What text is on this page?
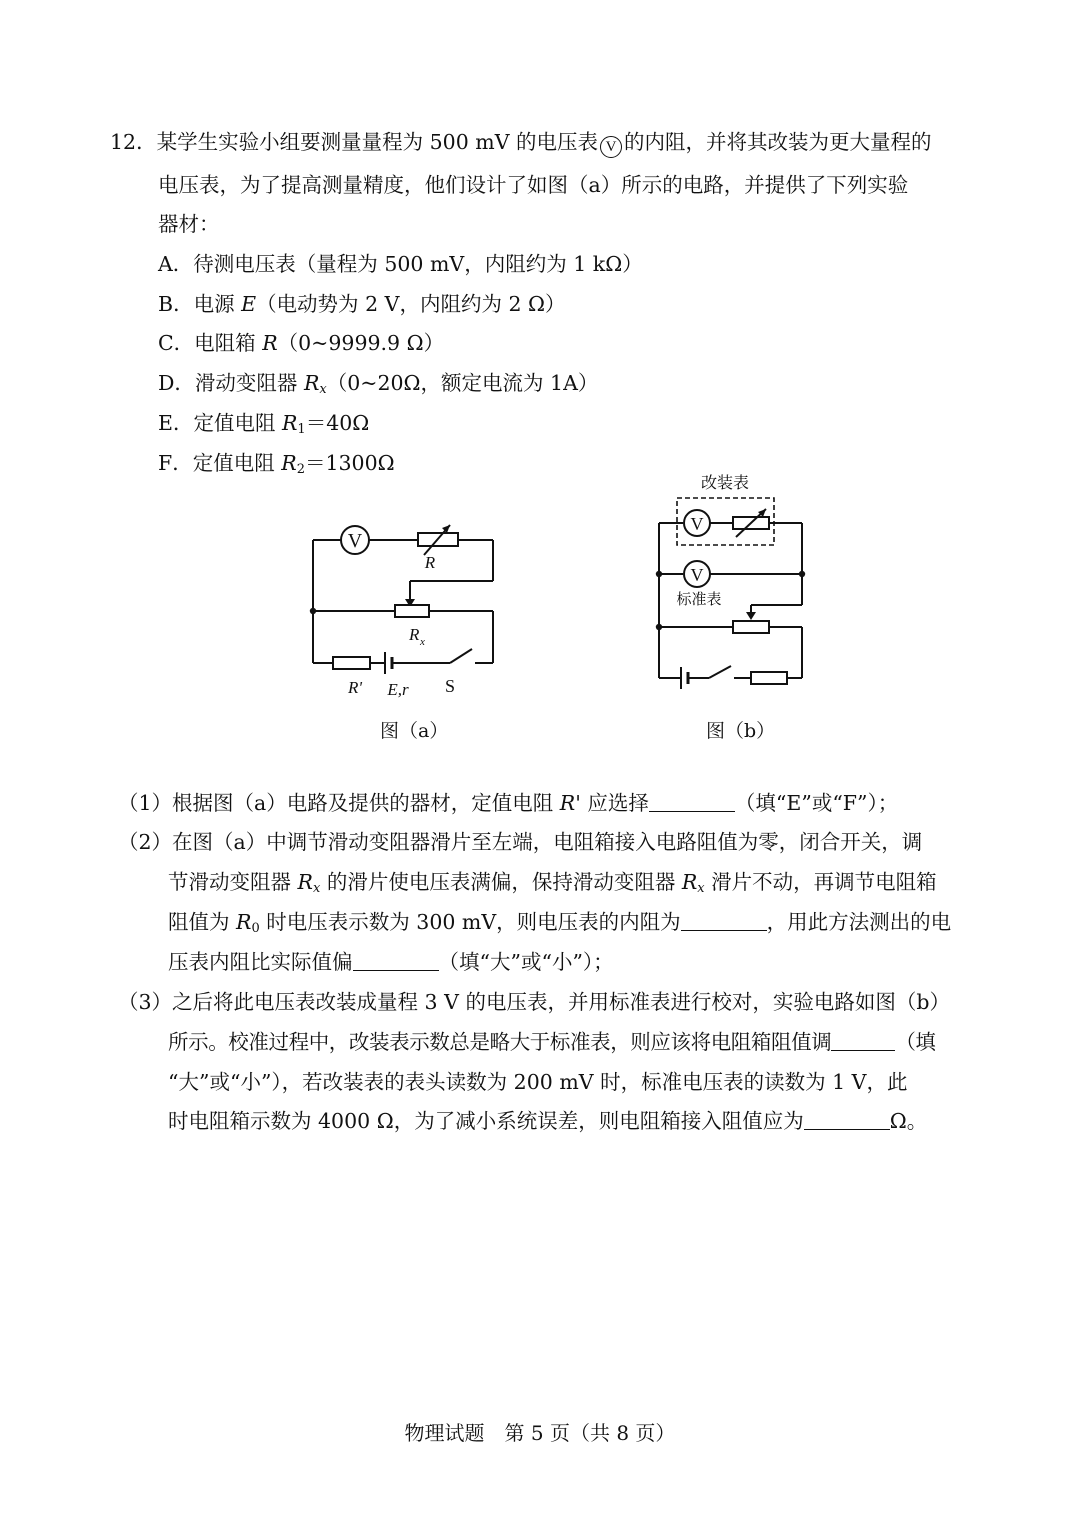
12．某学生实验小组要测量量程为 500 mV 的电压表 V 的内阻，并将其改装为更大量程的
电压表，为了提高测量精度，他们设计了如图（a）所示的电路，并提供了下列实验
器材：
A．待测电压表（量程为 500 mV，内阻约为 1 kΩ）
B．电源 E（电动势为 2 V，内阻约为 2 Ω）
C．电阻箱 R（0~9999.9 Ω）
D．滑动变阻器 $R_x(0\sim 20\Omega$，额定电流为 1A）
E．定值电阻 $R_1=40\Omega$
F．定值电阻 $R_2=1300\Omega$
V
R
R x
R' E,r S
图（a）
改装表
V
V
标准表
图（b）
（1）根据图（a）电路及提供的器材，定值电阻 R' 应选择	（填“E”或“F”）；
（2）在图（a）中调节滑动变阻器滑片至左端，电阻箱接入电路阻值为零，闭合开关，调
节滑动变阻器 $R_x$ 的滑片使电压表满偏，保持滑动变阻器 $R_x$ 滑片不动，再调节电阻箱
阻值为 $R_0$ 时电压表示数为 300 mV，则电压表的内阻为	，用此方法测出的电
压表内阻比实际值偏	（填“大”或“小”）；
（3）之后将此电压表改装成量程 3 V 的电压表，并用标准表进行校对，实验电路如图（b）
所示。校准过程中，改装表示数总是略大于标准表，则应该将电阻箱阻值调	（填
“大”或“小”），若改装表的表头读数为 200 mV 时，标准电压表的读数为 1 V，此
时电阻箱示数为 4000 Ω，为了减小系统误差，则电阻箱接入阻值应为	Ω。
物理试题　第 5 页（共 8 页）
